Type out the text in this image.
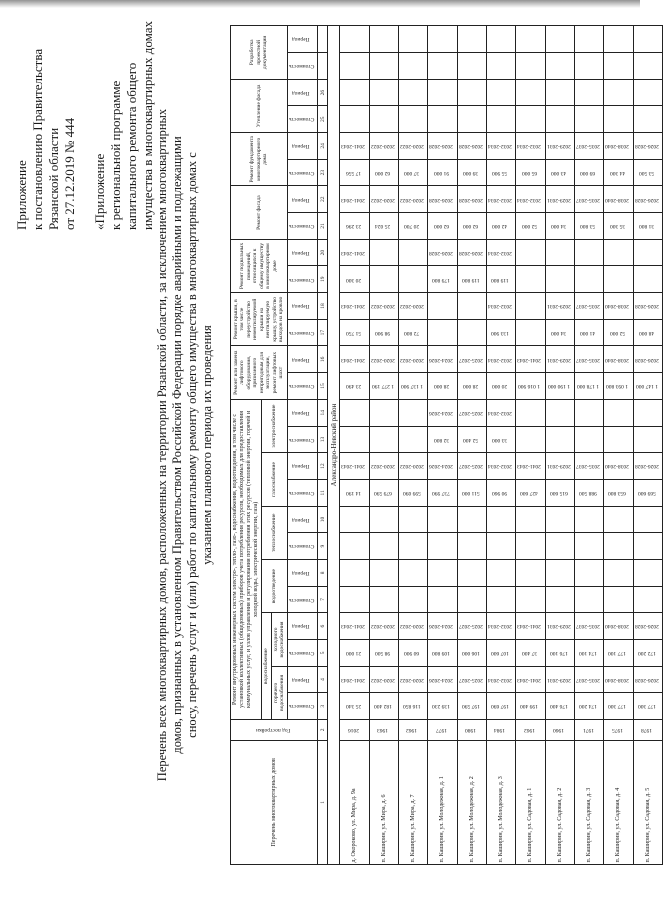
Приложение к постановлению Правительства Рязанской области от 27.12.2019 № 444 «Приложение к региональной программе капитального ремонта общего имущества в многоквартирных домах Перечень всех многоквартирных домов, расположенных на территории Рязанской области, за исключением многоквартирных домов, признанных в установленном Правительством Российской Федерации порядке аварийными и подлежащими сносу, перечень услуг и (или) работ по капитальному ремонту общего имущества в многоквартирных домах с указанием планового периода их проведения
Перечень многоквартирных домов	Год постройки	Ремонт внутридомовых инженерных систем электро-, тепло-, газо-, водоснабжения, водоотведения, в том числе с установкой коллективных (общедомовых) приборов учета потребления ресурсов, необходимых для предоставления коммунальных услуг, и узлов управления и регулирования потребления этих ресурсов (тепловой энергии, горячей и холодной воды, электрической энергии, газа)												Ремонт или замена лифтового оборудования, признанного непригодным для эксплуатации, ремонт лифтовых шахт		Ремонт крыши, в том числе переустройство невентилируемой крыши на вентилируемую крышу, устройство выходов на кровлю		Ремонт подвальных помещений, относящихся к общему имуществу в многоквартирном доме		Ремонт фасада		Ремонт фундамента многоквартирного дома		Утепление фасада		Разработка проектной документации	
		водоснабжение				водоотведение		теплоснабжение		газоснабжение		электроснабжение															
		горячего водоснабжения		холодного водоснабжения																							
		Стоимость	Период	Стоимость	Период	Стоимость	Период	Стоимость	Период	Стоимость	Период	Стоимость	Период	Стоимость	Период	Стоимость	Период	Стоимость	Период	Стоимость	Период	Стоимость	Период	Стоимость	Период	Стоимость	Период
1	2	3	4	5	6	7	8	9	10	11	12	13	14	15	16	17	18	19	20	21	22	23	24	25	26		
Александро-Невский район																											
д. Окороково, ул. Мира, д. 9а	2016	25 340	2041-2043	21 000	2041-2043					14 190	2041-2043			23 490	2041-2043	51 750	2041-2043	20 300	2041-2043	23 296	2041-2043	17 556	2041-2043				
п. Каширин, ул. Мира, д. 6	1963	182 400	2020-2022	98 500	2020-2022					679 590	2020-2022			1 277 190	2020-2022	98 900	2020-2022			25 024	2020-2022	62 000	2020-2022				
п. Каширин, ул. Мира, д. 7	1962	116 850	2020-2022	60 900	2020-2022					599 090	2020-2022			1 137 900	2020-2022	72 800	2020-2022			20 700	2020-2022	37 000	2020-2022				
п. Каширин, ул. Молодежная, д. 1	1977	139 230	2024-2026	109 800	2024-2026					737 990	2024-2026	32 800	2024-2026	28 000	2024-2026			179 800	2026-2028	62 000	2026-2028	91 000	2026-2028				
п. Каширин, ул. Молодежная, д. 2	1980	197 590	2025-2027	106 000	2025-2027					511 000	2025-2027	52 400	2025-2027	28 000	2025-2027			119 800	2026-2028	62 000	2026-2028	39 000	2026-2028				
п. Каширин, ул. Молодежная, д. 3	1984	197 690	2032-2034	107 600	2032-2034					90 960	2032-2034	33 000	2032-2034	20 000	2032-2034	133 900	2032-2034	119 800	2032-2034	42 000	2032-2034	55 900	2032-2034				
п. Каширин, ул. Садовая, д. 1	1962	199 400	2041-2043	37 400	2041-2043					427 600	2041-2043			1 016 900	2041-2043					52 000	2032-2034	65 000	2032-2034				
п. Каширин, ул. Садовая, д. 2	1960	176 400	2029-2031	176 100	2029-2031					615 600	2029-2031			1 190 000	2029-2031	34 000	2029-2031			34 000	2029-2031	43 000	2029-2031				
п. Каширин, ул. Садовая, д. 3	1971	174 200	2035-2037	174 100	2035-2037					988 500	2035-2037			1 178 000	2035-2037	41 000	2035-2037			53 800	2035-2037	69 000	2035-2037				
п. Каширин, ул. Садовая, д. 4	1975	177 300	2038-2040	177 100	2038-2040					653 800	2038-2040			1 093 800	2038-2040	52 000	2038-2040			35 300	2038-2040	44 300	2038-2040				
п. Каширин, ул. Садовая, д. 5	1978	177 300	2026-2028	172 200	2026-2028					569 600	2026-2028			1 147 000	2026-2028	48 000	2026-2028			31 800	2026-2028	53 500	2026-2028				
